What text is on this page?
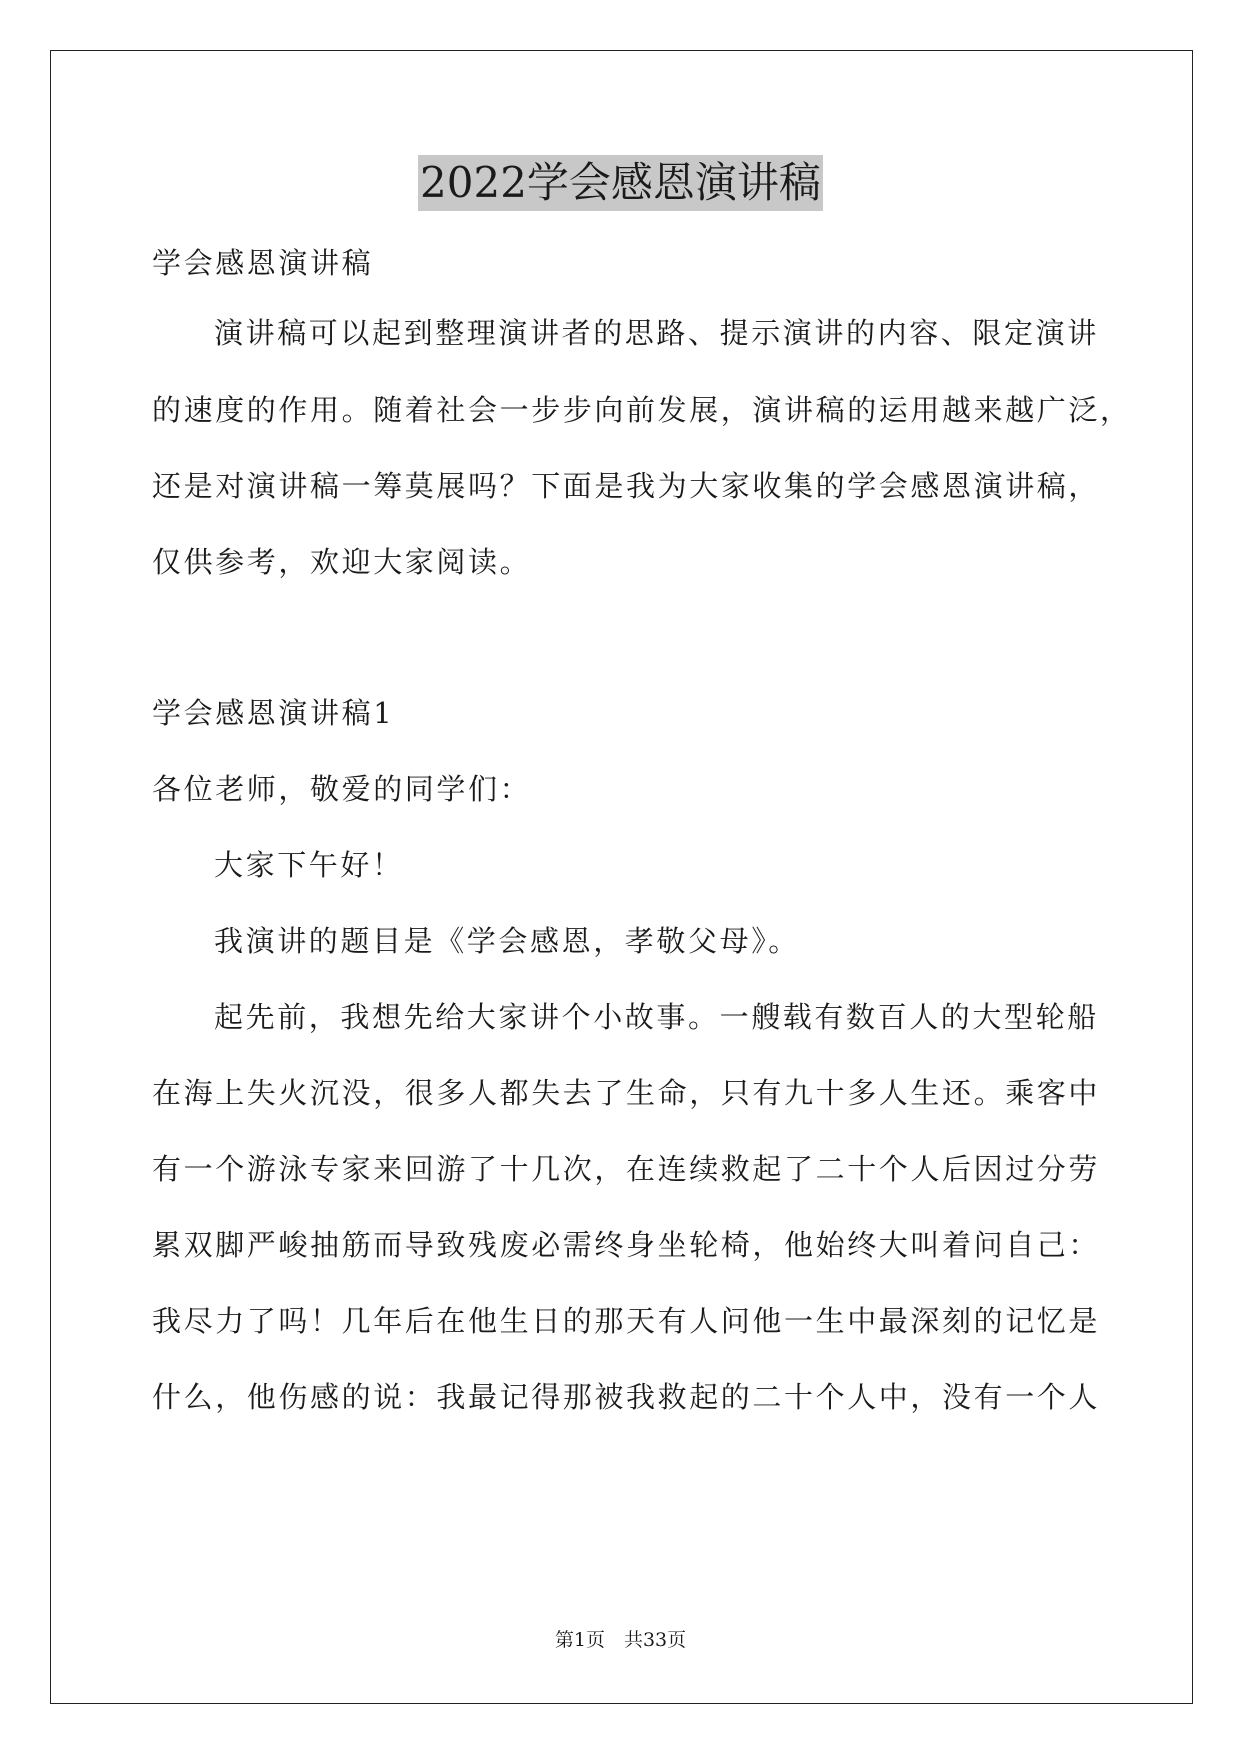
2022学会感恩演讲稿
学会感恩演讲稿
演讲稿可以起到整理演讲者的思路、提示演讲的内容、限定演讲
的速度的作用。随着社会一步步向前发展，演讲稿的运用越来越广泛，
还是对演讲稿一筹莫展吗？下面是我为大家收集的学会感恩演讲稿，
仅供参考，欢迎大家阅读。
学会感恩演讲稿1
各位老师，敬爱的同学们：
大家下午好！
我演讲的题目是《学会感恩，孝敬父母》。
起先前，我想先给大家讲个小故事。一艘载有数百人的大型轮船
在海上失火沉没，很多人都失去了生命，只有九十多人生还。乘客中
有一个游泳专家来回游了十几次，在连续救起了二十个人后因过分劳
累双脚严峻抽筋而导致残废必需终身坐轮椅，他始终大叫着问自己：
我尽力了吗！几年后在他生日的那天有人问他一生中最深刻的记忆是
什么，他伤感的说：我最记得那被我救起的二十个人中，没有一个人
第1页　共33页
